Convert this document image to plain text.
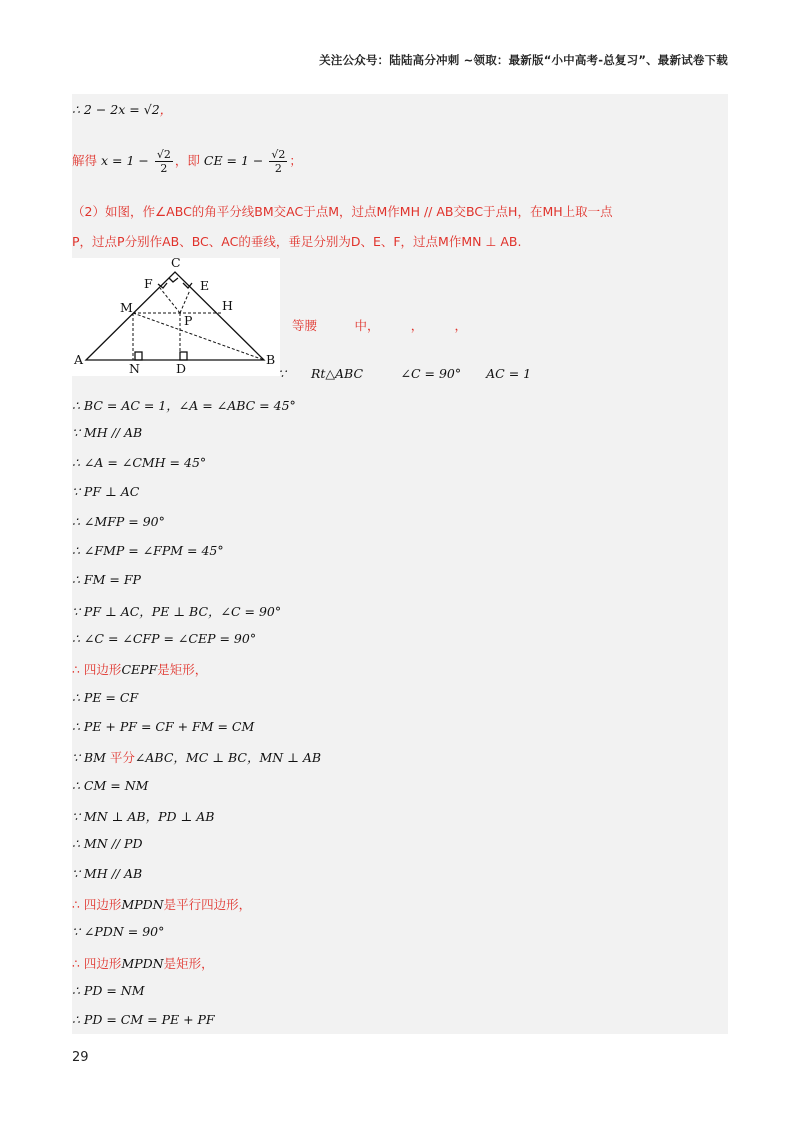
关注公众号：陆陆高分冲刺 ~领取：最新版“小中高考-总复习”、最新试卷下载
∴ 2 − 2x = √2，
解得 $x = 1 - \frac{√2}{2}$ ，即 CE = $1 - \frac{√2}{2}$ ；
（2）如图，作∠ABC的角平分线BM交AC于点M，过点M作MH // AB交BC于点H，在MH上取一点
P，过点P分别作AB、BC、AC的垂线，垂足分别为D、E、F，过点M作MN ⊥ AB.
C
F	E
M	H
P
A	B
N	D
等腰　　　中，　　　，　　　，
∵　　Rt△ABC　　　∠C = 90°　　AC = 1
∴ BC = AC = 1，∠A = ∠ABC = 45°
∵ MH // AB
∴ ∠A = ∠CMH = 45°
∵ PF ⊥ AC
∴ ∠MFP = 90°
∴ ∠FMP = ∠FPM = 45°
∴ FM = FP
∵ PF ⊥ AC，PE ⊥ BC，∠C = 90°
∴ ∠C = ∠CFP = ∠CEP = 90°
∴ 四边形CEPF是矩形，
∴ PE = CF
∴ PE + PF = CF + FM = CM
∵ BM 平分∠ABC，MC ⊥ BC，MN ⊥ AB
∴ CM = NM
∵ MN ⊥ AB，PD ⊥ AB
∴ MN // PD
∵ MH // AB
∴ 四边形MPDN是平行四边形，
∵ ∠PDN = 90°
∴ 四边形MPDN是矩形，
∴ PD = NM
∴ PD = CM = PE + PF
29
